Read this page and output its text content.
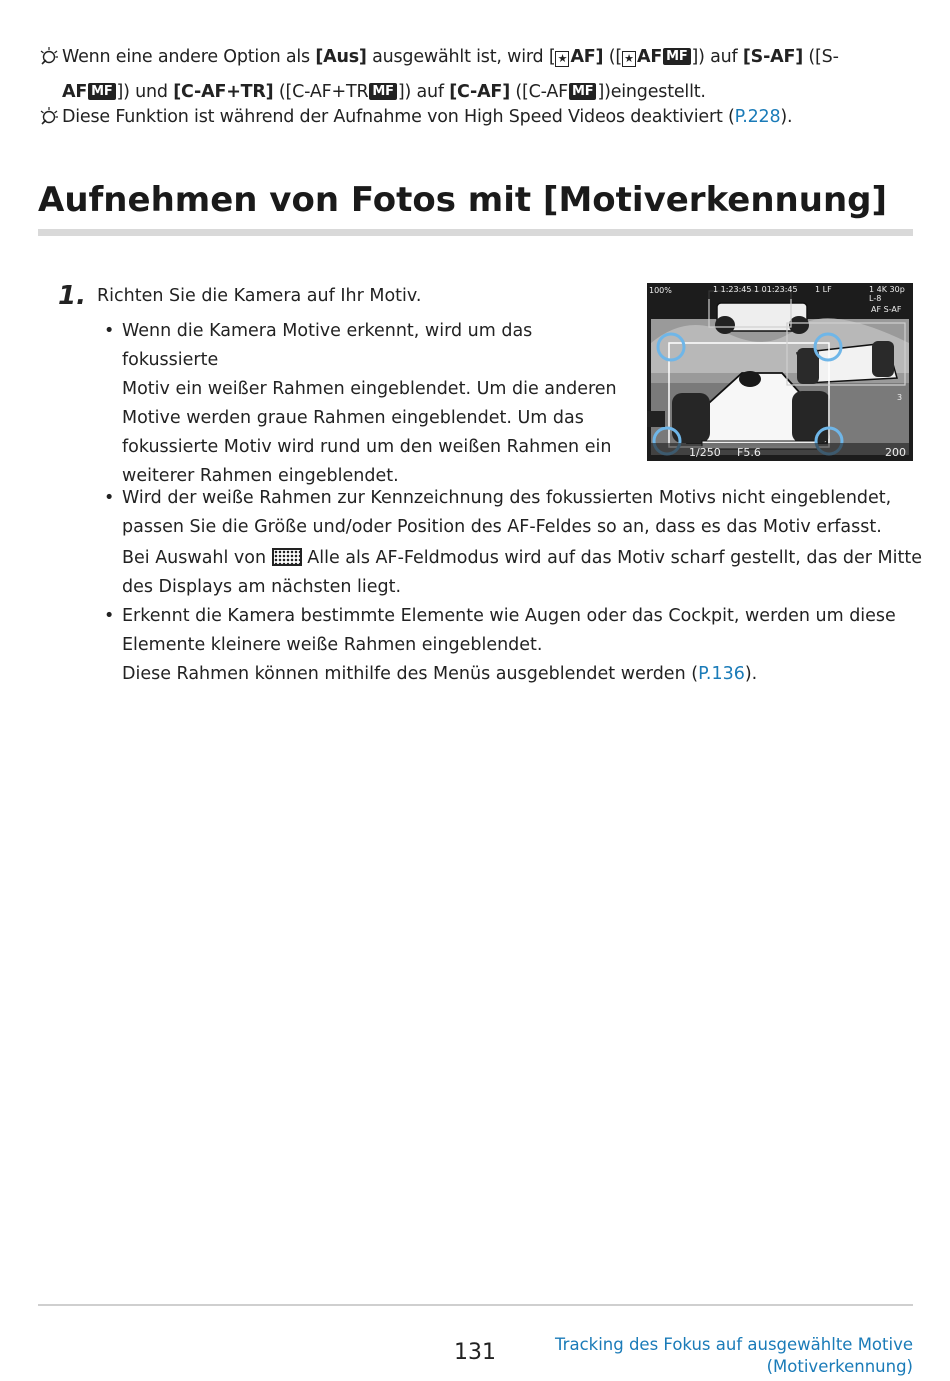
Wenn eine andere Option als [Aus] ausgewählt ist, wird [ ★ AF] ([ ★ AF MF ]) auf [S-AF] ([S-
AF MF ]) und [C-AF+TR] ([C-AF+TR MF ]) auf [C-AF] ([C-AF MF ])eingestellt.
Diese Funktion ist während der Aufnahme von High Speed Videos deaktiviert (P.228).
Aufnehmen von Fotos mit [Motiverkennung]
1. Richten Sie die Kamera auf Ihr Motiv.
• Wenn die Kamera Motive erkennt, wird um das fokussierte
Motiv ein weißer Rahmen eingeblendet. Um die anderen
Motive werden graue Rahmen eingeblendet. Um das
fokussierte Motiv wird rund um den weißen Rahmen ein
weiterer Rahmen eingeblendet.
100%	1 1:23:45 1 01:23:45 1 LF	1 4K 30p L-8
AF S-AF
3
1/250 F5.6	200
• Wird der weiße Rahmen zur Kennzeichnung des fokussierten Motivs nicht eingeblendet,
passen Sie die Größe und/oder Position des AF-Feldes so an, dass es das Motiv erfasst.
Bei Auswahl von Alle als AF-Feldmodus wird auf das Motiv scharf gestellt, das der Mitte
des Displays am nächsten liegt.
• Erkennt die Kamera bestimmte Elemente wie Augen oder das Cockpit, werden um diese
Elemente kleinere weiße Rahmen eingeblendet.
Diese Rahmen können mithilfe des Menüs ausgeblendet werden (P.136).
131	Tracking des Fokus auf ausgewählte Motive
(Motiverkennung)
